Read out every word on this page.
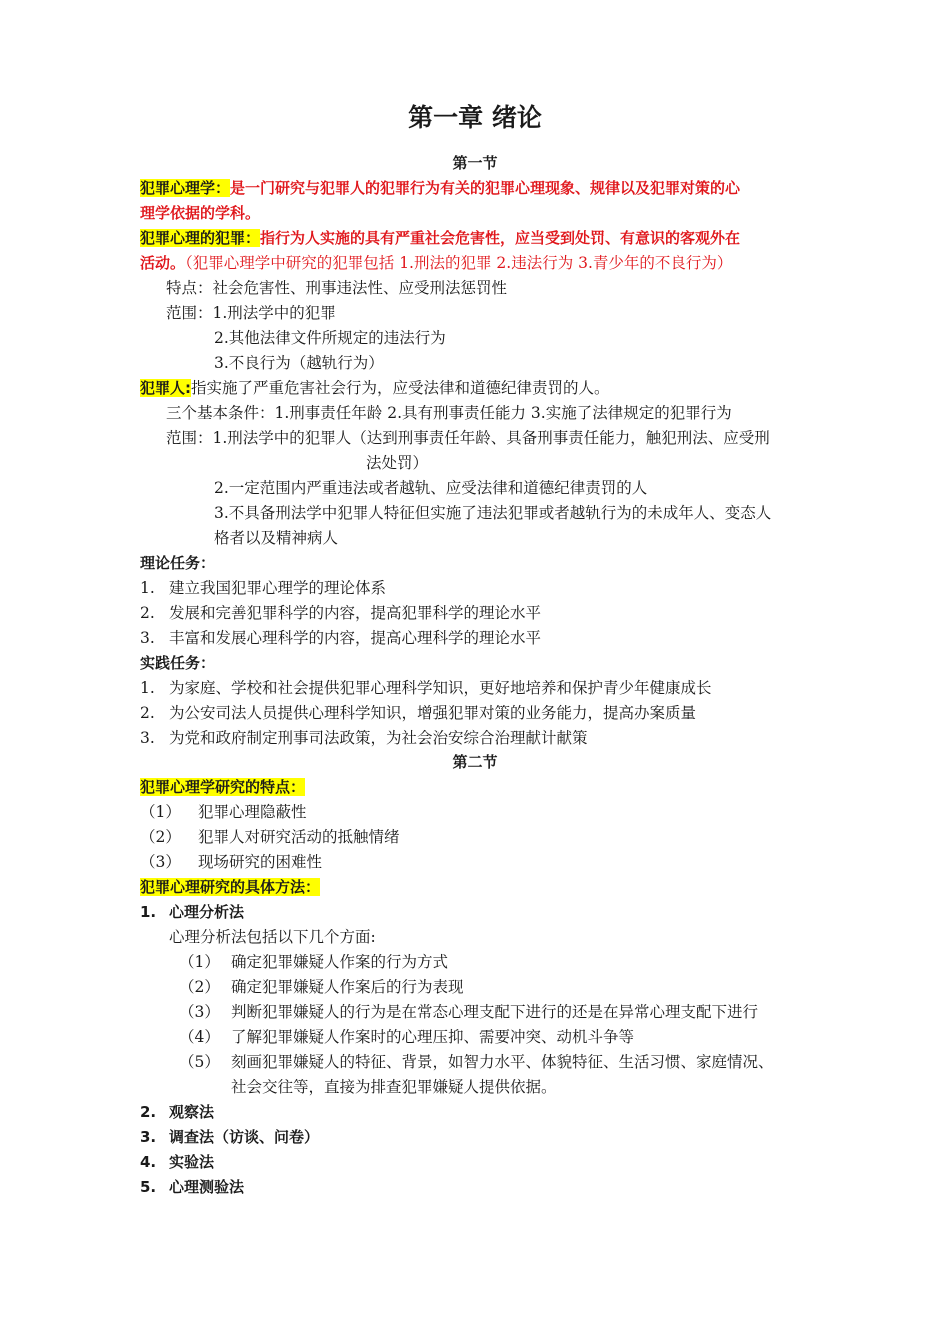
第一章 绪论
第一节
犯罪心理学：是一门研究与犯罪人的犯罪行为有关的犯罪心理现象、规律以及犯罪对策的心
理学依据的学科。
犯罪心理的犯罪：指行为人实施的具有严重社会危害性，应当受到处罚、有意识的客观外在
活动。（犯罪心理学中研究的犯罪包括 1.刑法的犯罪 2.违法行为 3.青少年的不良行为）
特点：社会危害性、刑事违法性、应受刑法惩罚性
范围：1.刑法学中的犯罪
2.其他法律文件所规定的违法行为
3.不良行为（越轨行为）
犯罪人:指实施了严重危害社会行为，应受法律和道德纪律责罚的人。
三个基本条件：1.刑事责任年龄 2.具有刑事责任能力 3.实施了法律规定的犯罪行为
范围：1.刑法学中的犯罪人（达到刑事责任年龄、具备刑事责任能力，触犯刑法、应受刑
法处罚）
2.一定范围内严重违法或者越轨、应受法律和道德纪律责罚的人
3.不具备刑法学中犯罪人特征但实施了违法犯罪或者越轨行为的未成年人、变态人
格者以及精神病人
理论任务：
1. 建立我国犯罪心理学的理论体系
2. 发展和完善犯罪科学的内容，提高犯罪科学的理论水平
3. 丰富和发展心理科学的内容，提高心理科学的理论水平
实践任务：
1. 为家庭、学校和社会提供犯罪心理科学知识，更好地培养和保护青少年健康成长
2. 为公安司法人员提供心理科学知识，增强犯罪对策的业务能力，提高办案质量
3. 为党和政府制定刑事司法政策，为社会治安综合治理献计献策
第二节
犯罪心理学研究的特点：
（1） 犯罪心理隐蔽性
（2） 犯罪人对研究活动的抵触情绪
（3） 现场研究的困难性
犯罪心理研究的具体方法：
1. 心理分析法
心理分析法包括以下几个方面:
（1） 确定犯罪嫌疑人作案的行为方式
（2） 确定犯罪嫌疑人作案后的行为表现
（3） 判断犯罪嫌疑人的行为是在常态心理支配下进行的还是在异常心理支配下进行
（4） 了解犯罪嫌疑人作案时的心理压抑、需要冲突、动机斗争等
（5） 刻画犯罪嫌疑人的特征、背景，如智力水平、体貌特征、生活习惯、家庭情况、
社会交往等，直接为排查犯罪嫌疑人提供依据。
2. 观察法
3. 调查法（访谈、问卷）
4. 实验法
5. 心理测验法
